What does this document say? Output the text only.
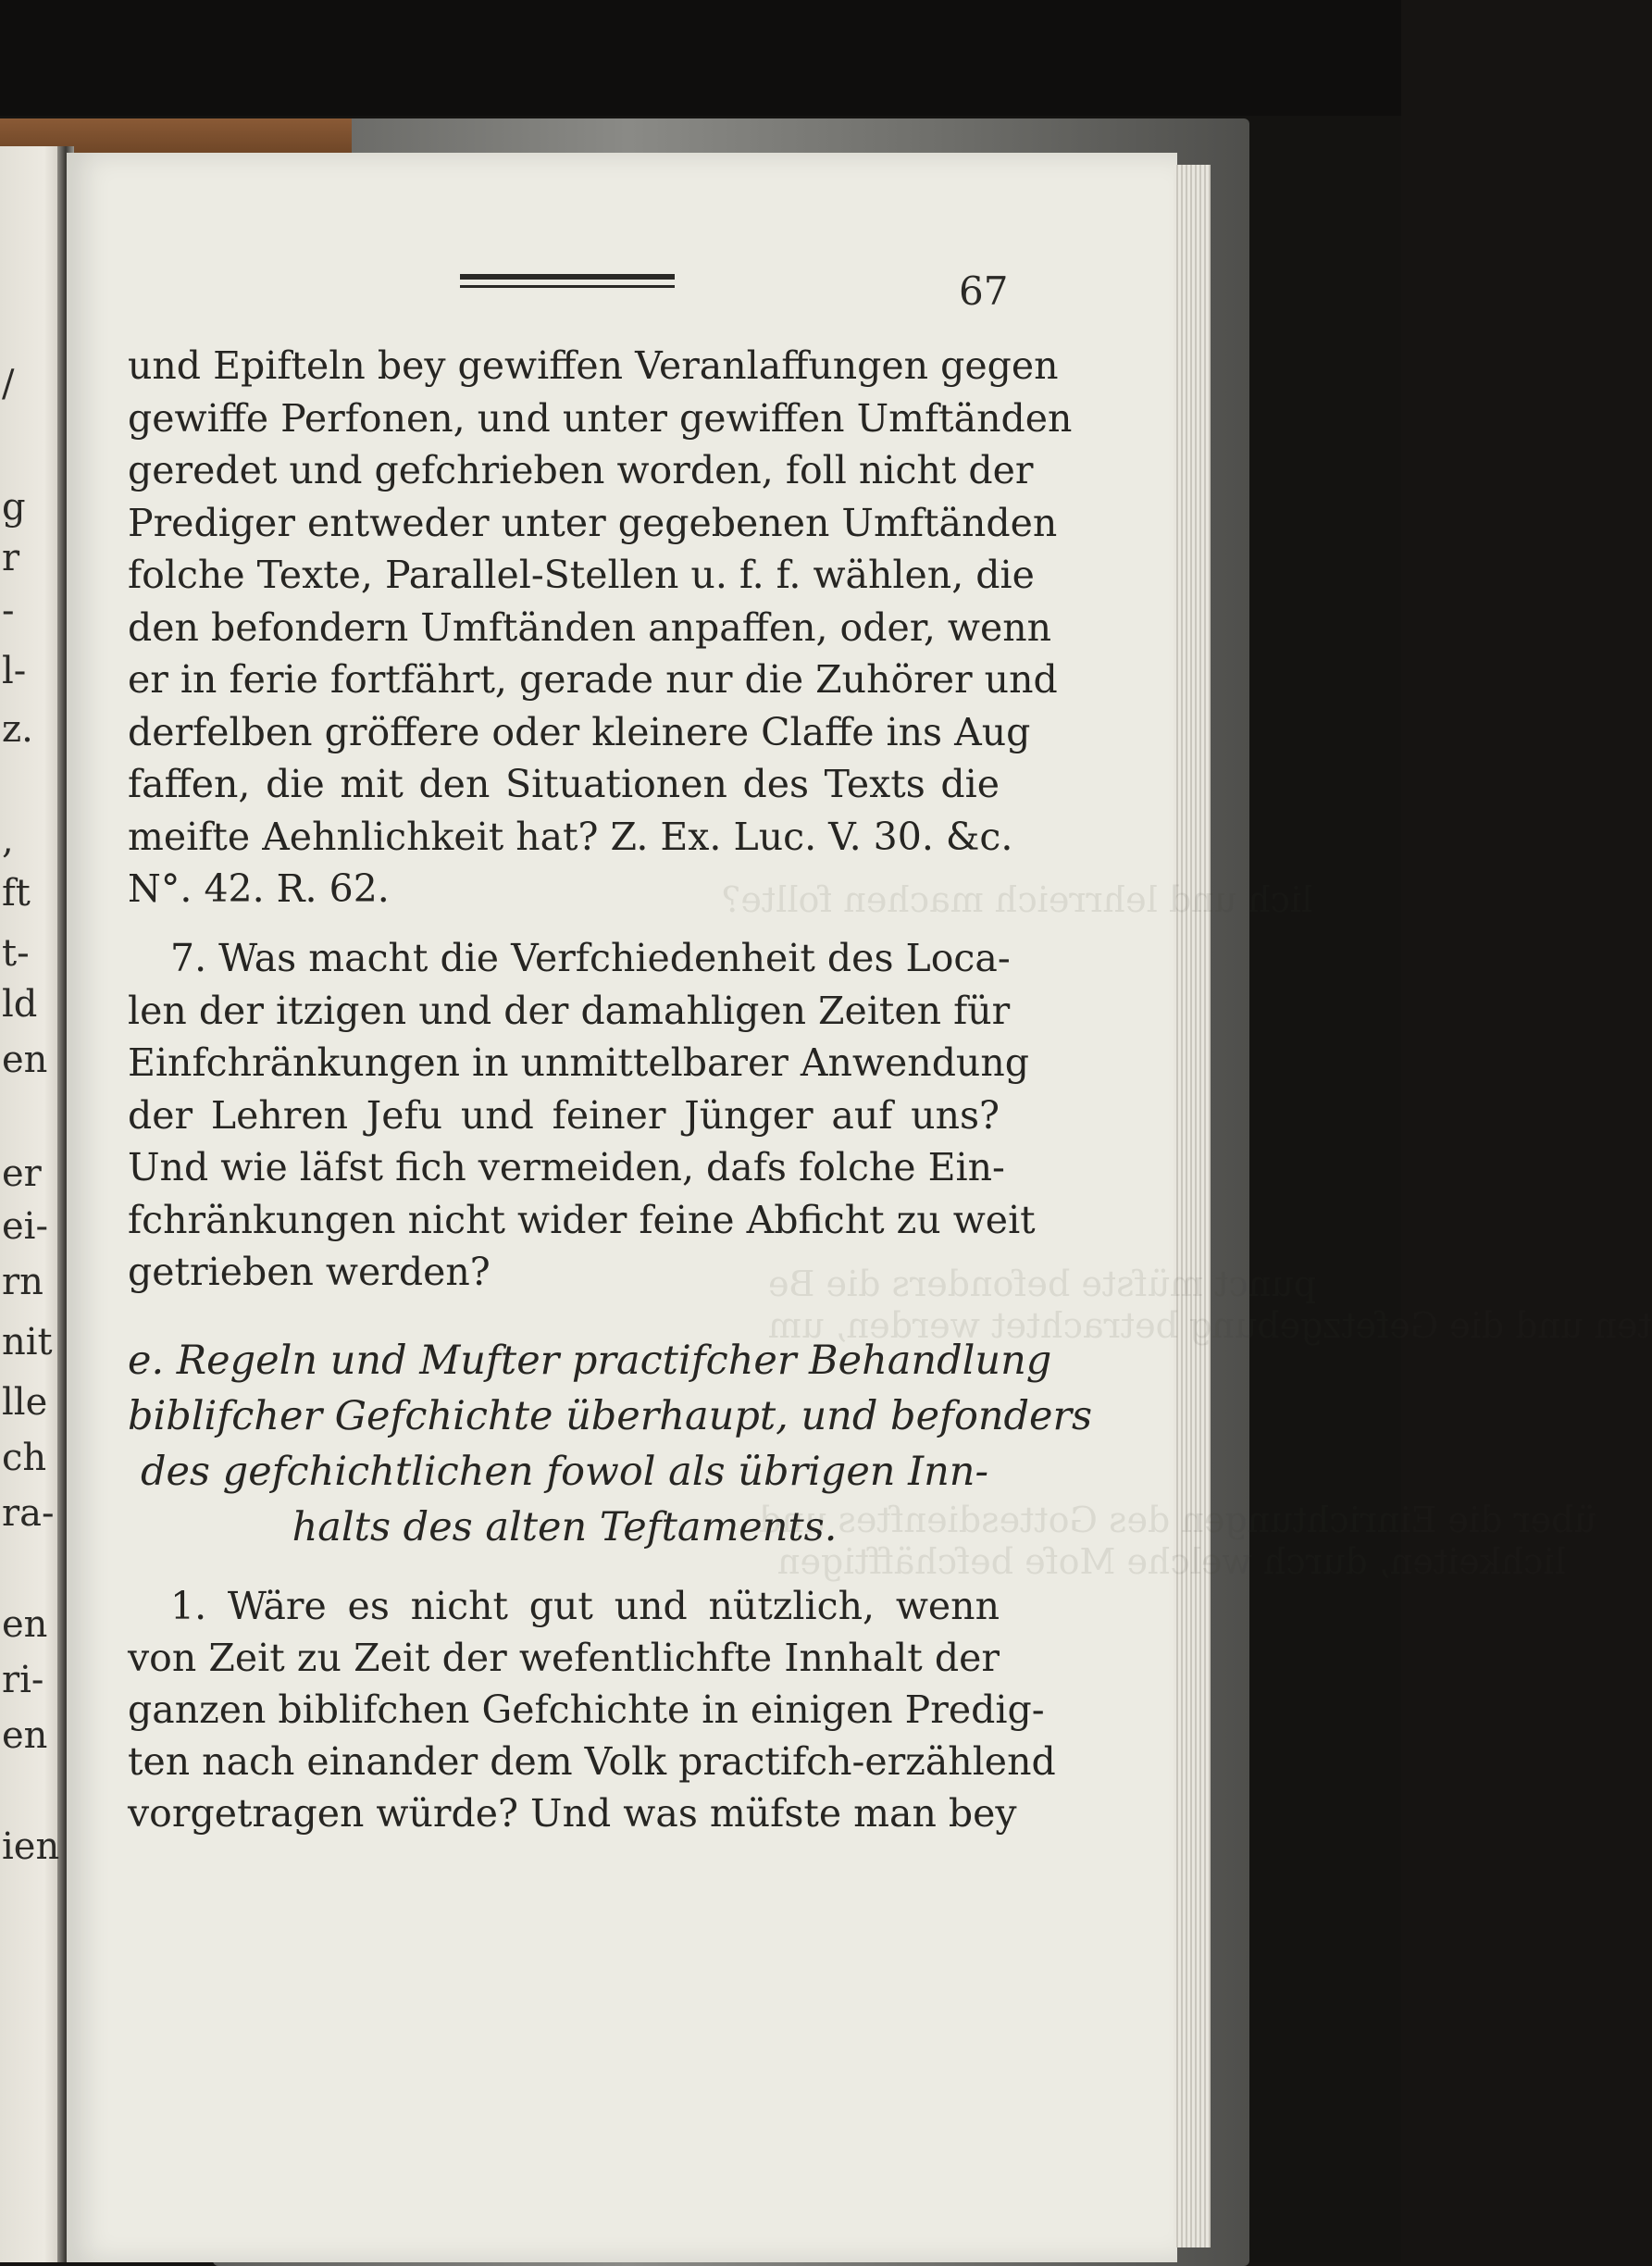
/
g
r
-
l-
z.
,
ft
t-
ld
en
er
ei-
rn
nit
lle
ch
ra-
en
ri-
en
ien
lich und lehrreich machen follte?
punct müfste befonders die Be
ten und die Gefetzgebung betrachtet werden, um
über die Einrichtungen des Gottesdienftes und
lichkeiten, durch welche Mofe befchäfftigen
67
und Epifteln bey gewiffen Veranlaffungen gegen
gewiffe Perfonen, und unter gewiffen Umftänden
geredet und gefchrieben worden, foll nicht der
Prediger entweder unter gegebenen Umftänden
folche Texte, Parallel-Stellen u. f. f. wählen, die
den befondern Umftänden anpaffen, oder, wenn
er in ferie fortfährt, gerade nur die Zuhörer und
derfelben gröffere oder kleinere Claffe ins Aug
faffen, die mit den Situationen des Texts die
meifte Aehnlichkeit hat? Z. Ex. Luc. V. 30. &c.
N°. 42. R. 62.
7. Was macht die Verfchiedenheit des Loca-
len der itzigen und der damahligen Zeiten für
Einfchränkungen in unmittelbarer Anwendung
der Lehren Jefu und feiner Jünger auf uns?
Und wie läfst fich vermeiden, dafs folche Ein-
fchränkungen nicht wider feine Abficht zu weit
getrieben werden?
e. Regeln und Mufter practifcher Behandlung
biblifcher Gefchichte überhaupt, und befonders
des gefchichtlichen fowol als übrigen Inn-
halts des alten Teftaments.
1. Wäre es nicht gut und nützlich, wenn
von Zeit zu Zeit der wefentlichfte Innhalt der
ganzen biblifchen Gefchichte in einigen Predig-
ten nach einander dem Volk practifch-erzählend
vorgetragen würde? Und was müfste man bey
